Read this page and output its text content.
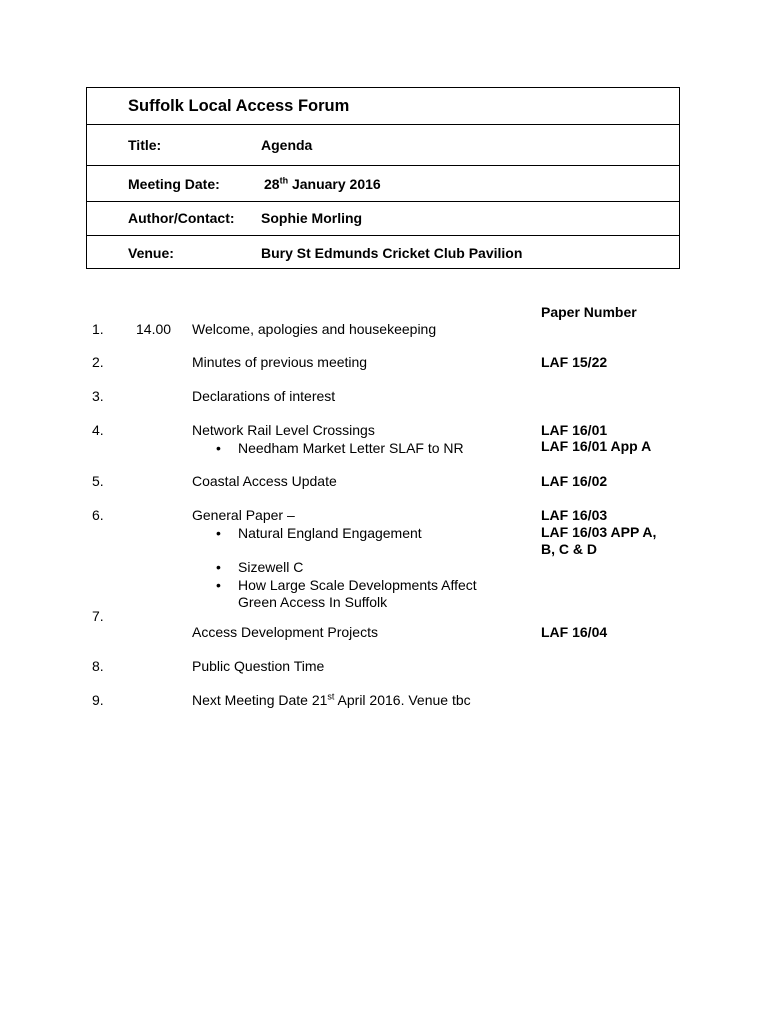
Suffolk Local Access Forum
Title:	Agenda
Meeting Date:	28th January 2016
Author/Contact: Sophie Morling
Venue:	Bury St Edmunds Cricket Club Pavilion
Paper Number
1. 14.00 Welcome, apologies and housekeeping
2.	Minutes of previous meeting	LAF 15/22
3.	Declarations of interest
4.	Network Rail Level Crossings	LAF 16/01
• Needham Market Letter SLAF to NR	LAF 16/01 App A
5.	Coastal Access Update	LAF 16/02
6.	General Paper –	LAF 16/03
• Natural England Engagement	LAF 16/03 APP A,
B, C & D
• Sizewell C
• How Large Scale Developments Affect
Green Access In Suffolk
7.
Access Development Projects	LAF 16/04
8.	Public Question Time
9.	Next Meeting Date 21st April 2016. Venue tbc
